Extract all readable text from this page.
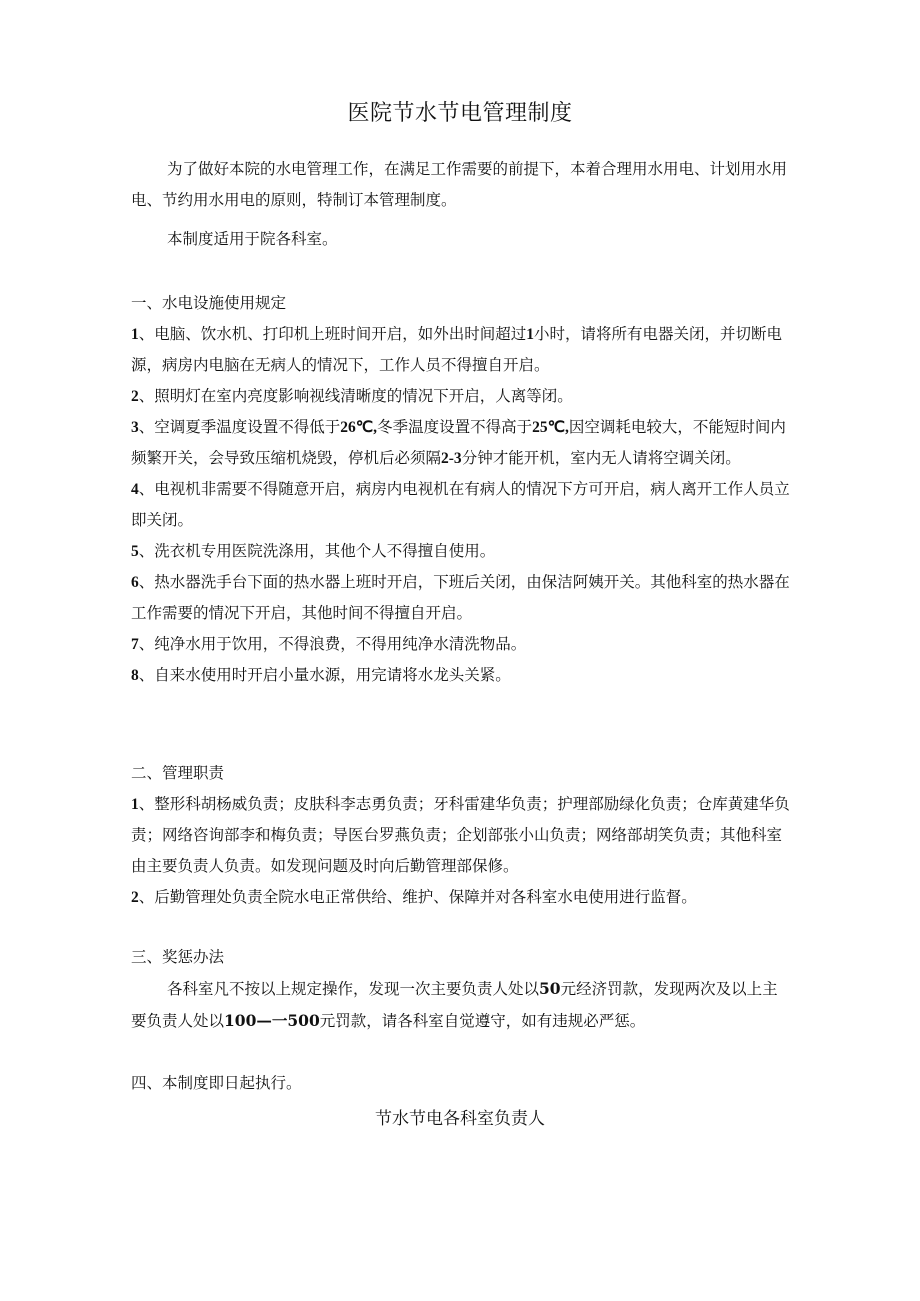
医院节水节电管理制度
为了做好本院的水电管理工作，在满足工作需要的前提下，本着合理用水用电、计划用水用电、节约用水用电的原则，特制订本管理制度。
本制度适用于院各科室。
一、水电设施使用规定
1、电脑、饮水机、打印机上班时间开启，如外出时间超过1小时，请将所有电器关闭，并切断电源，病房内电脑在无病人的情况下，工作人员不得擅自开启。
2、照明灯在室内亮度影响视线清晰度的情况下开启，人离等闭。
3、空调夏季温度设置不得低于26℃,冬季温度设置不得高于25℃,因空调耗电较大，不能短时间内频繁开关，会导致压缩机烧毁，停机后必须隔2-3分钟才能开机，室内无人请将空调关闭。
4、电视机非需要不得随意开启，病房内电视机在有病人的情况下方可开启，病人离开工作人员立即关闭。
5、洗衣机专用医院洗涤用，其他个人不得擅自使用。
6、热水器洗手台下面的热水器上班时开启，下班后关闭，由保洁阿姨开关。其他科室的热水器在工作需要的情况下开启，其他时间不得擅自开启。
7、纯净水用于饮用，不得浪费，不得用纯净水清洗物品。
8、自来水使用时开启小量水源，用完请将水龙头关紧。
二、管理职责
1、整形科胡杨威负责；皮肤科李志勇负责；牙科雷建华负责；护理部励绿化负责；仓库黄建华负责；网络咨询部李和梅负责；导医台罗燕负责；企划部张小山负责；网络部胡笑负责；其他科室由主要负责人负责。如发现问题及时向后勤管理部保修。
2、后勤管理处负责全院水电正常供给、维护、保障并对各科室水电使用进行监督。
三、奖惩办法
各科室凡不按以上规定操作，发现一次主要负责人处以50元经济罚款，发现两次及以上主要负责人处以100—一500元罚款，请各科室自觉遵守，如有违规必严惩。
四、本制度即日起执行。
节水节电各科室负责人
